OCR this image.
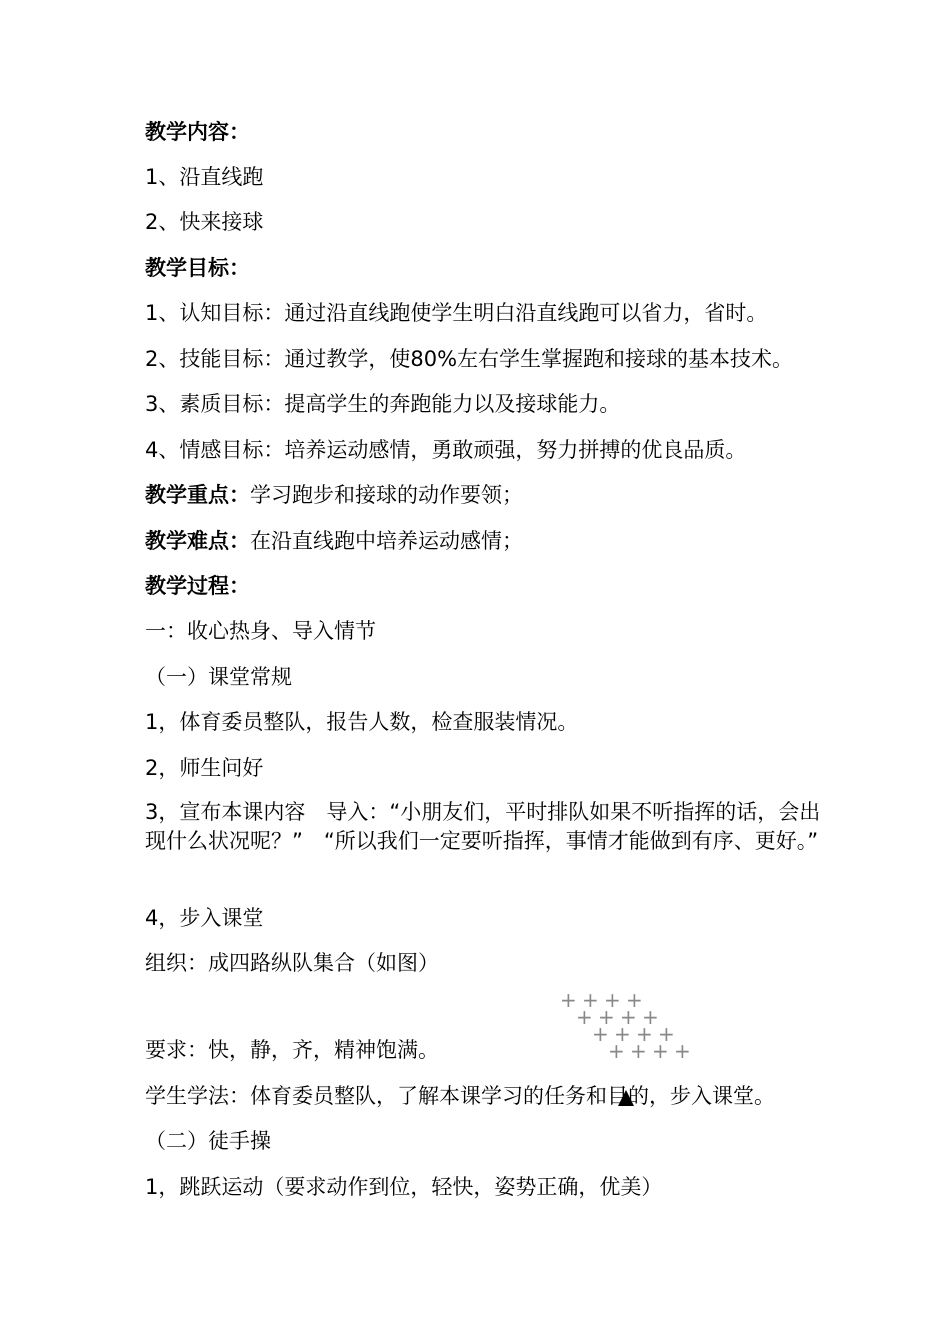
教学内容：
1、沿直线跑
2、快来接球
教学目标：
1、认知目标：通过沿直线跑使学生明白沿直线跑可以省力，省时。
2、技能目标：通过教学，使80%左右学生掌握跑和接球的基本技术。
3、素质目标：提高学生的奔跑能力以及接球能力。
4、情感目标：培养运动感情，勇敢顽强，努力拼搏的优良品质。
教学重点：学习跑步和接球的动作要领；
教学难点：在沿直线跑中培养运动感情；
教学过程：
一：收心热身、导入情节
（一）课堂常规
1，体育委员整队，报告人数，检查服装情况。
2，师生问好
3，宣布本课内容　导入：“小朋友们，平时排队如果不听指挥的话，会出现什么状况呢？”　“所以我们一定要听指挥，事情才能做到有序、更好。”
4，步入课堂
组织：成四路纵队集合（如图）
+ + + +
+ + + +
+ + + +
+ + + +
要求：快，静，齐，精神饱满。
学生学法：体育委员整队，了解本课学习的任务和目的，步入课堂。
（二）徒手操
1，跳跃运动（要求动作到位，轻快，姿势正确，优美）
